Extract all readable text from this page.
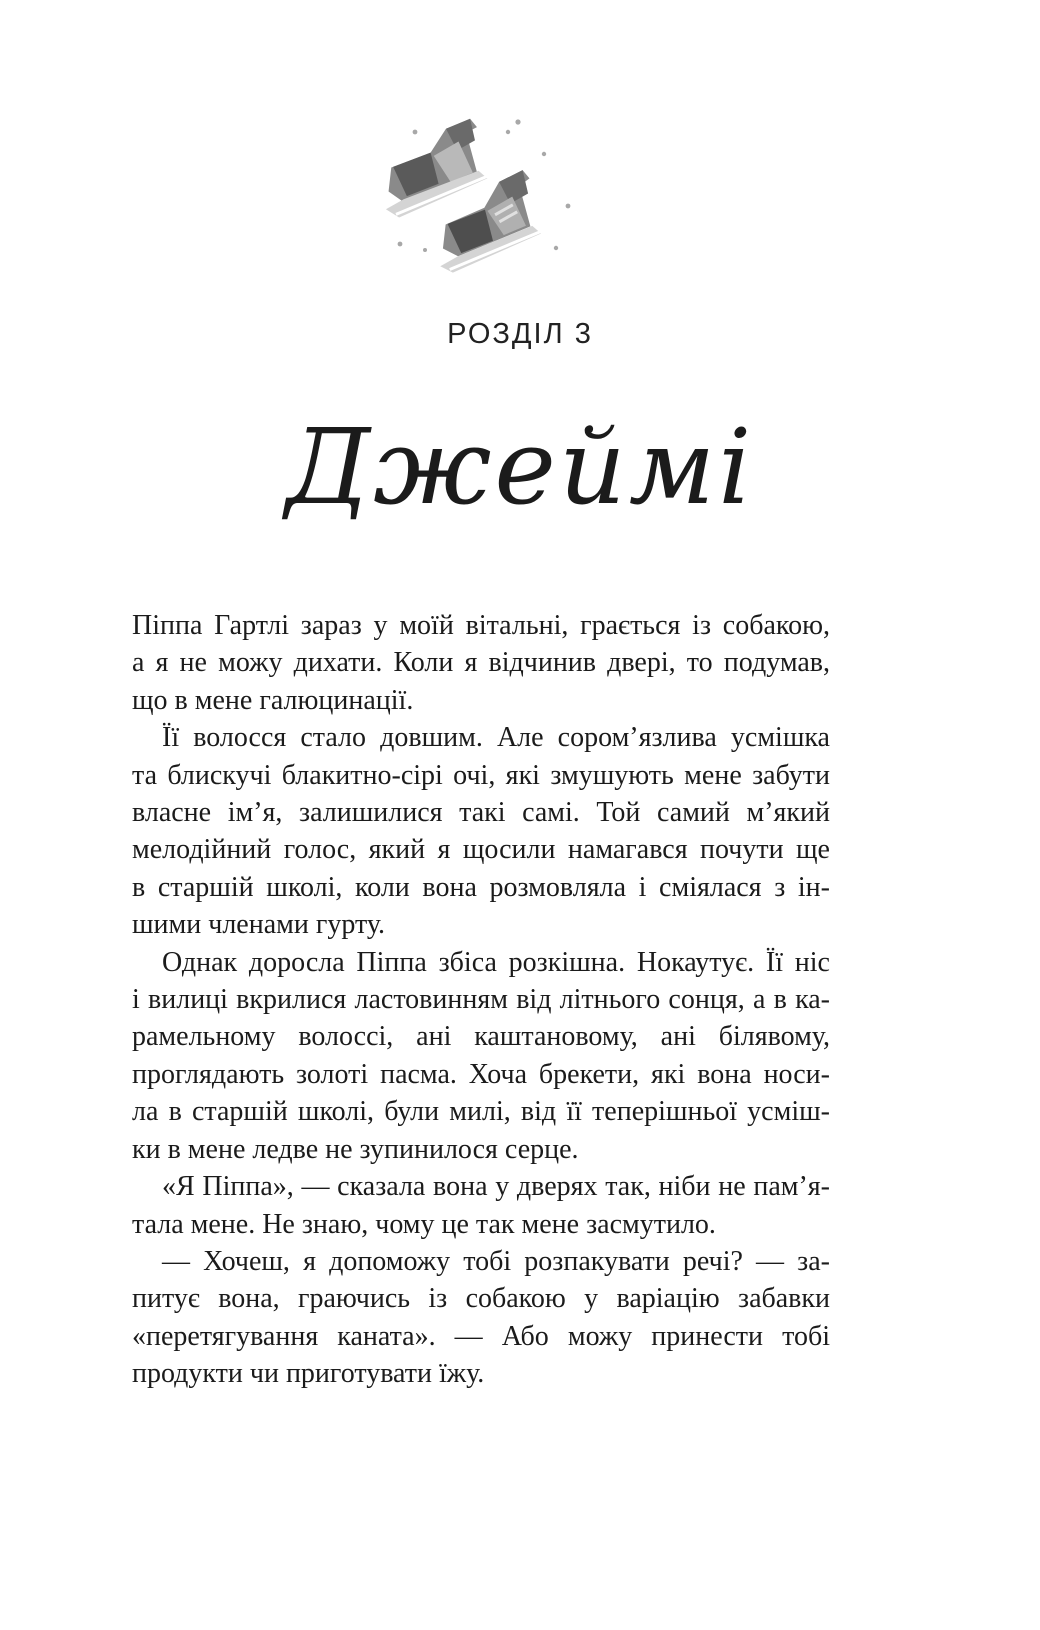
РОЗДІЛ 3
Джеймі

Піппа Гартлі зараз у моїй вітальні, грається із собакою,
а я не можу дихати. Коли я відчинив двері, то подумав,
що в мене галюцинації.

Її волосся стало довшим. Але сором’язлива усмішка
та блискучі блакитно-сірі очі, які змушують мене забути
власне ім’я, залишилися такі самі. Той самий м’який
мелодійний голос, який я щосили намагався почути ще
в старшій школі, коли вона розмовляла і сміялася з ін-
шими членами гурту.

Однак доросла Піппа збіса розкішна. Нокаутує. Її ніс
і вилиці вкрилися ластовинням від літнього сонця, а в ка-
рамельному волоссі, ані каштановому, ані білявому,
проглядають золоті пасма. Хоча брекети, які вона носи-
ла в старшій школі, були милі, від її теперішньої усміш-
ки в мене ледве не зупинилося серце.

«Я Піппа», — сказала вона у дверях так, ніби не пам’я-
тала мене. Не знаю, чому це так мене засмутило.

— Хочеш, я допоможу тобі розпакувати речі? — за-
питує вона, граючись із собакою у варіацію забавки
«перетягування каната». — Або можу принести тобі
продукти чи приготувати їжу.
